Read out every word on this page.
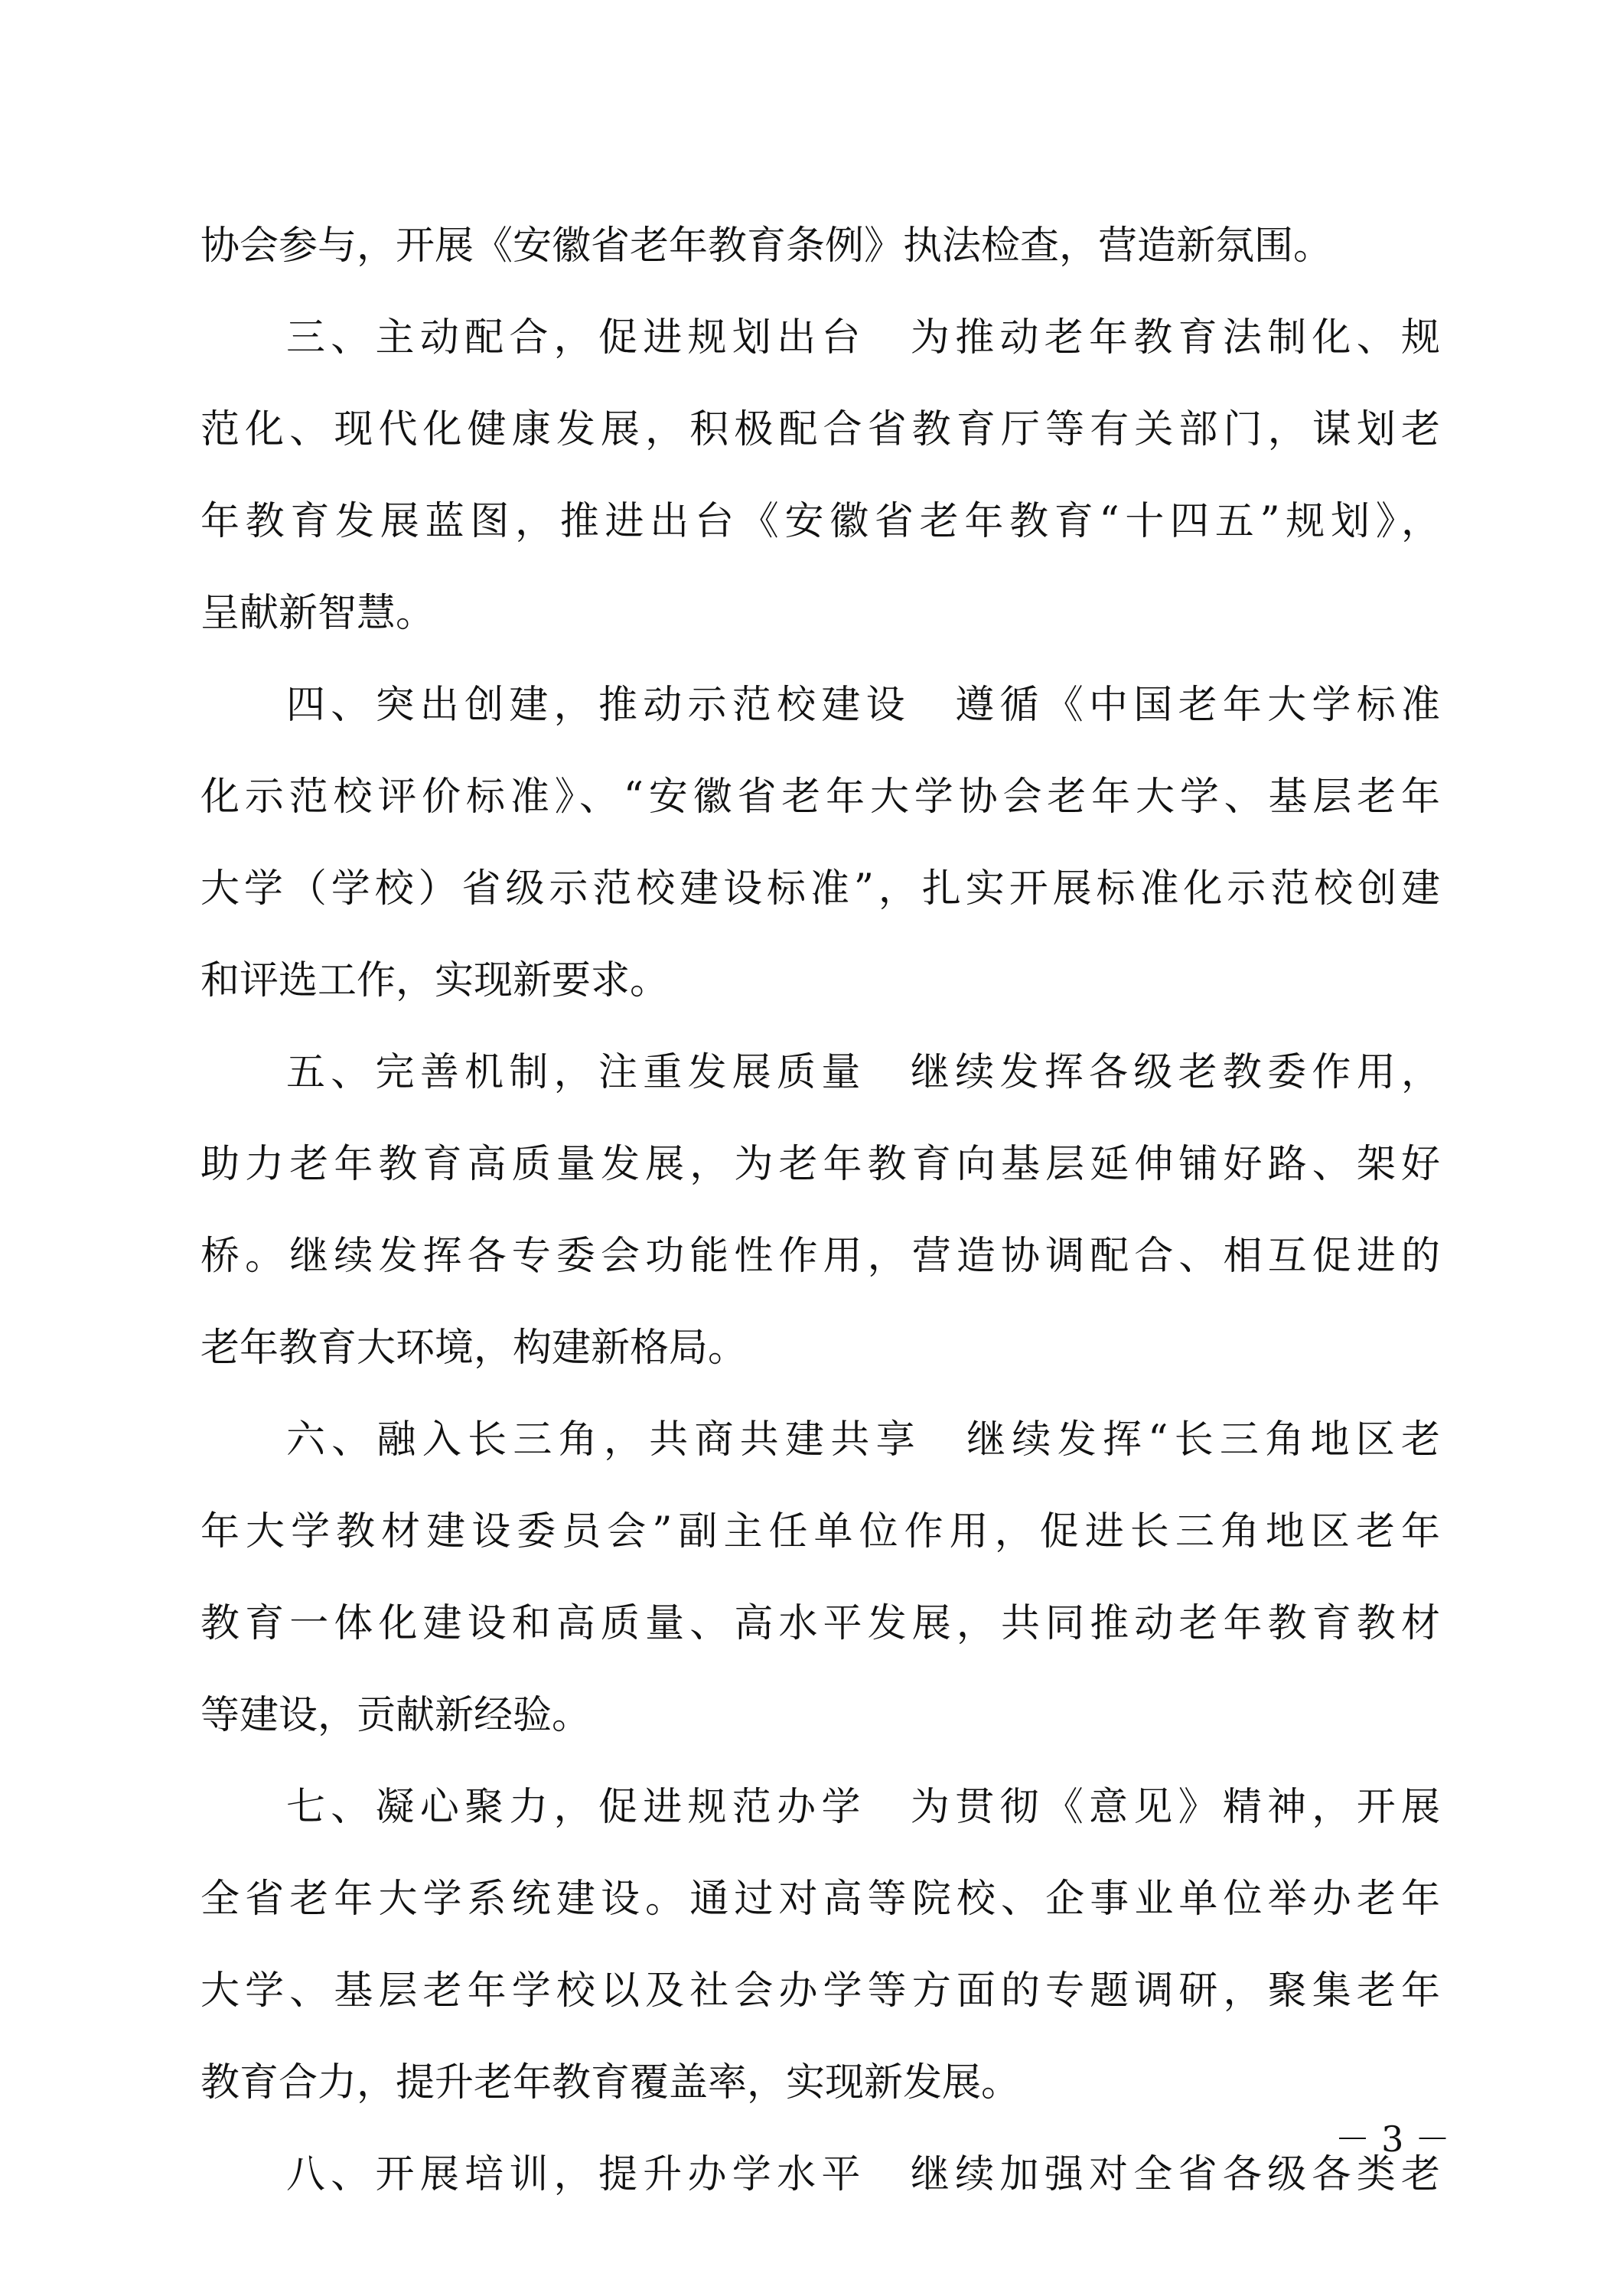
协会参与，开展《安徽省老年教育条例》执法检查，营造新氛围。
三、主动配合，促进规划出台　为推动老年教育法制化、规
范化、现代化健康发展，积极配合省教育厅等有关部门，谋划老
年教育发展蓝图，推进出台《安徽省老年教育“十四五”规划》，
呈献新智慧。
四、突出创建，推动示范校建设　遵循《中国老年大学标准
化示范校评价标准》、“安徽省老年大学协会老年大学、基层老年
大学（学校）省级示范校建设标准”，扎实开展标准化示范校创建
和评选工作，实现新要求。
五、完善机制，注重发展质量　继续发挥各级老教委作用，
助力老年教育高质量发展，为老年教育向基层延伸铺好路、架好
桥。继续发挥各专委会功能性作用，营造协调配合、相互促进的
老年教育大环境，构建新格局。
六、融入长三角，共商共建共享　继续发挥“长三角地区老
年大学教材建设委员会”副主任单位作用，促进长三角地区老年
教育一体化建设和高质量、高水平发展，共同推动老年教育教材
等建设，贡献新经验。
七、凝心聚力，促进规范办学　为贯彻《意见》精神，开展
全省老年大学系统建设。通过对高等院校、企事业单位举办老年
大学、基层老年学校以及社会办学等方面的专题调研，聚集老年
教育合力，提升老年教育覆盖率，实现新发展。
八、开展培训，提升办学水平　继续加强对全省各级各类老
－ 3 －
